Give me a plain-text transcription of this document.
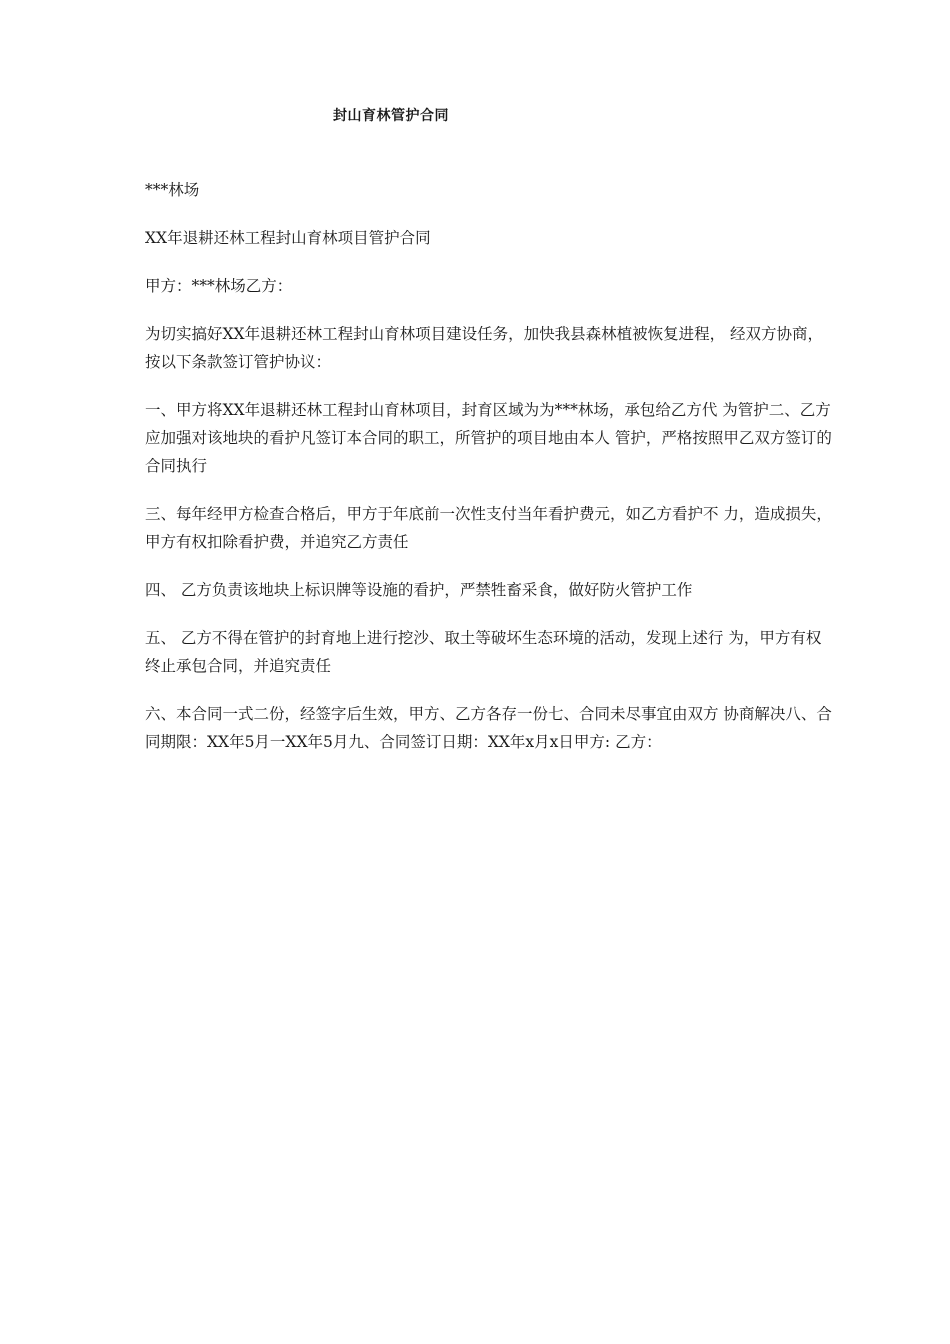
封山育林管护合同

***林场

XX年退耕还林工程封山育林项目管护合同

甲方：***林场乙方：

为切实搞好XX年退耕还林工程封山育林项目建设任务，加快我县森林植被恢复进程， 经双方协商，按以下条款签订管护协议：

一、甲方将XX年退耕还林工程封山育林项目，封育区域为为***林场，承包给乙方代 为管护二、乙方应加强对该地块的看护凡签订本合同的职工，所管护的项目地由本人 管护，严格按照甲乙双方签订的合同执行

三、每年经甲方检查合格后，甲方于年底前一次性支付当年看护费元，如乙方看护不 力，造成损失，甲方有权扣除看护费，并追究乙方责任

四、 乙方负责该地块上标识牌等设施的看护，严禁牲畜采食，做好防火管护工作

五、 乙方不得在管护的封育地上进行挖沙、取土等破坏生态环境的活动，发现上述行 为，甲方有权终止承包合同，并追究责任

六、本合同一式二份，经签字后生效，甲方、乙方各存一份七、合同未尽事宜由双方 协商解决八、合同期限：XX年5月一XX年5月九、合同签订日期：XX年x月x日甲方: 乙方：
